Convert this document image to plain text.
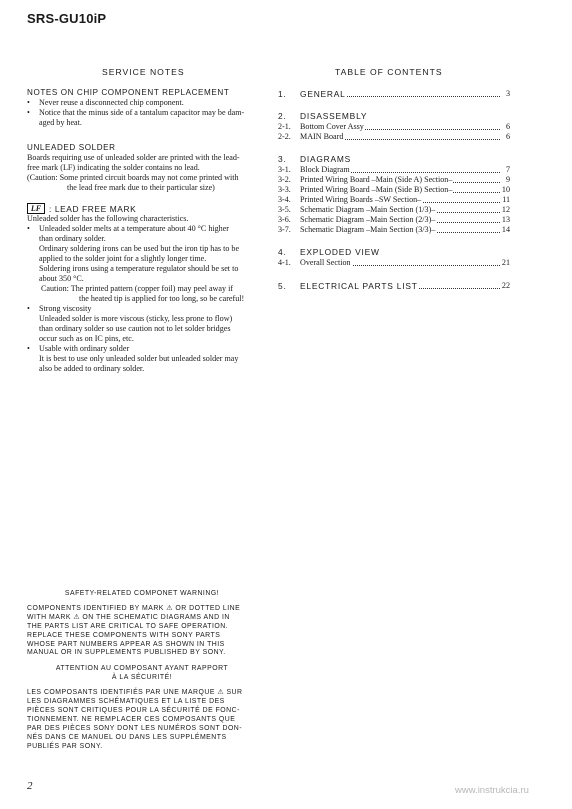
SRS-GU10iP
SERVICE NOTES
NOTES ON CHIP COMPONENT REPLACEMENT
• Never reuse a disconnected chip component.
• Notice that the minus side of a tantalum capacitor may be dam-
aged by heat.
UNLEADED SOLDER
Boards requiring use of unleaded solder are printed with the lead-
free mark (LF) indicating the solder contains no lead.
(Caution: Some printed circuit boards may not come printed with
the lead free mark due to their particular size)
LF : LEAD FREE MARK
Unleaded solder has the following characteristics.
• Unleaded solder melts at a temperature about 40 °C higher
than ordinary solder.
Ordinary soldering irons can be used but the iron tip has to be
applied to the solder joint for a slightly longer time.
Soldering irons using a temperature regulator should be set to
about 350 °C.
Caution: The printed pattern (copper foil) may peel away if
the heated tip is applied for too long, so be careful!
• Strong viscosity
Unleaded solder is more viscous (sticky, less prone to flow)
than ordinary solder so use caution not to let solder bridges
occur such as on IC pins, etc.
• Usable with ordinary solder
It is best to use only unleaded solder but unleaded solder may
also be added to ordinary solder.
TABLE OF CONTENTS
1. GENERAL	3
2. DISASSEMBLY
2-1. Bottom Cover Assy	6
2-2. MAIN Board	6
3. DIAGRAMS
3-1. Block Diagram	7
3-2. Printed Wiring Board –Main (Side A) Section–	9
3-3. Printed Wiring Board –Main (Side B) Section–	10
3-4. Printed Wiring Boards –SW Section–	11
3-5. Schematic Diagram –Main Section (1/3)–	12
3-6. Schematic Diagram –Main Section (2/3)–	13
3-7. Schematic Diagram –Main Section (3/3)–	14
4. EXPLODED VIEW
4-1. Overall Section	21
5. ELECTRICAL PARTS LIST	22
SAFETY-RELATED COMPONET WARNING!
COMPONENTS IDENTIFIED BY MARK ⚠ OR DOTTED LINE
WITH MARK ⚠ ON THE SCHEMATIC DIAGRAMS AND IN
THE PARTS LIST ARE CRITICAL TO SAFE OPERATION.
REPLACE THESE COMPONENTS WITH SONY PARTS
WHOSE PART NUMBERS APPEAR AS SHOWN IN THIS
MANUAL OR IN SUPPLEMENTS PUBLISHED BY SONY.
ATTENTION AU COMPOSANT AYANT RAPPORT
À LA SÉCURITÉ!
LES COMPOSANTS IDENTIFIÉS PAR UNE MARQUE ⚠ SUR
LES DIAGRAMMES SCHÉMATIQUES ET LA LISTE DES
PIÈCES SONT CRITIQUES POUR LA SÉCURITÉ DE FONC-
TIONNEMENT. NE REMPLACER CES COMPOSANTS QUE
PAR DES PIÈCES SONY DONT LES NUMÉROS SONT DON-
NÉS DANS CE MANUEL OU DANS LES SUPPLÉMENTS
PUBLIÉS PAR SONY.
2	www.instrukcia.ru
